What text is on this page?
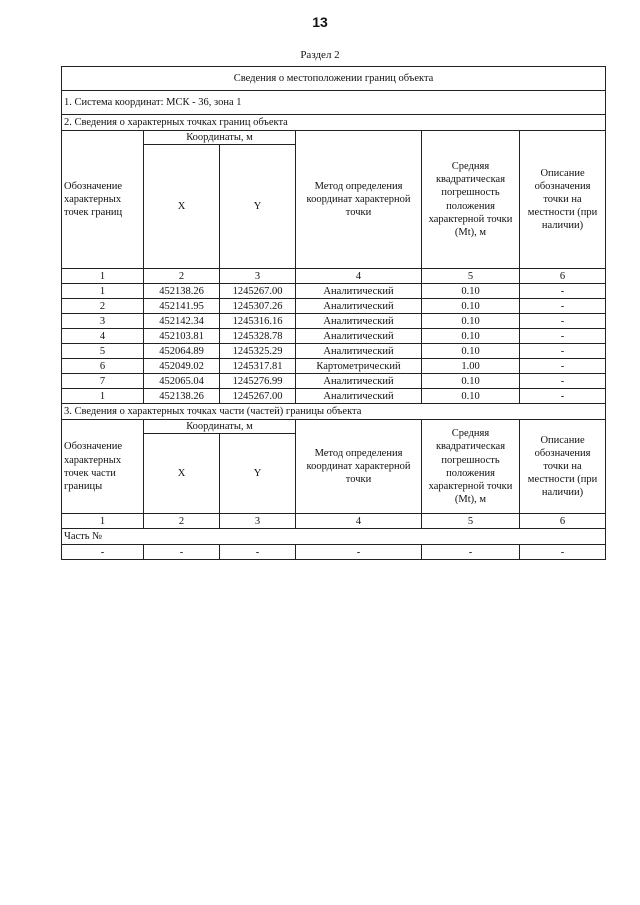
13
Раздел 2
Сведения о местоположении границ объекта					
1. Система координат: МСК - 36, зона 1					
2. Сведения о характерных точках границ объекта					
Обозначение характерных точек границ	Координаты, м		Метод определения координат характерной точки	Средняя квадратическая погрешность положения характерной точки (Mt), м	Описание обозначения точки на местности (при наличии)
	X	Y			
1	2	3	4	5	6
1	452138.26	1245267.00	Аналитический	0.10	-
2	452141.95	1245307.26	Аналитический	0.10	-
3	452142.34	1245316.16	Аналитический	0.10	-
4	452103.81	1245328.78	Аналитический	0.10	-
5	452064.89	1245325.29	Аналитический	0.10	-
6	452049.02	1245317.81	Картометрический	1.00	-
7	452065.04	1245276.99	Аналитический	0.10	-
1	452138.26	1245267.00	Аналитический	0.10	-
3. Сведения о характерных точках части (частей) границы объекта					
Обозначение характерных точек части границы	Координаты, м		Метод определения координат характерной точки	Средняя квадратическая погрешность положения характерной точки (Mt), м	Описание обозначения точки на местности (при наличии)
	X	Y			
1	2	3	4	5	6
Часть №					
-	-	-	-	-	-
